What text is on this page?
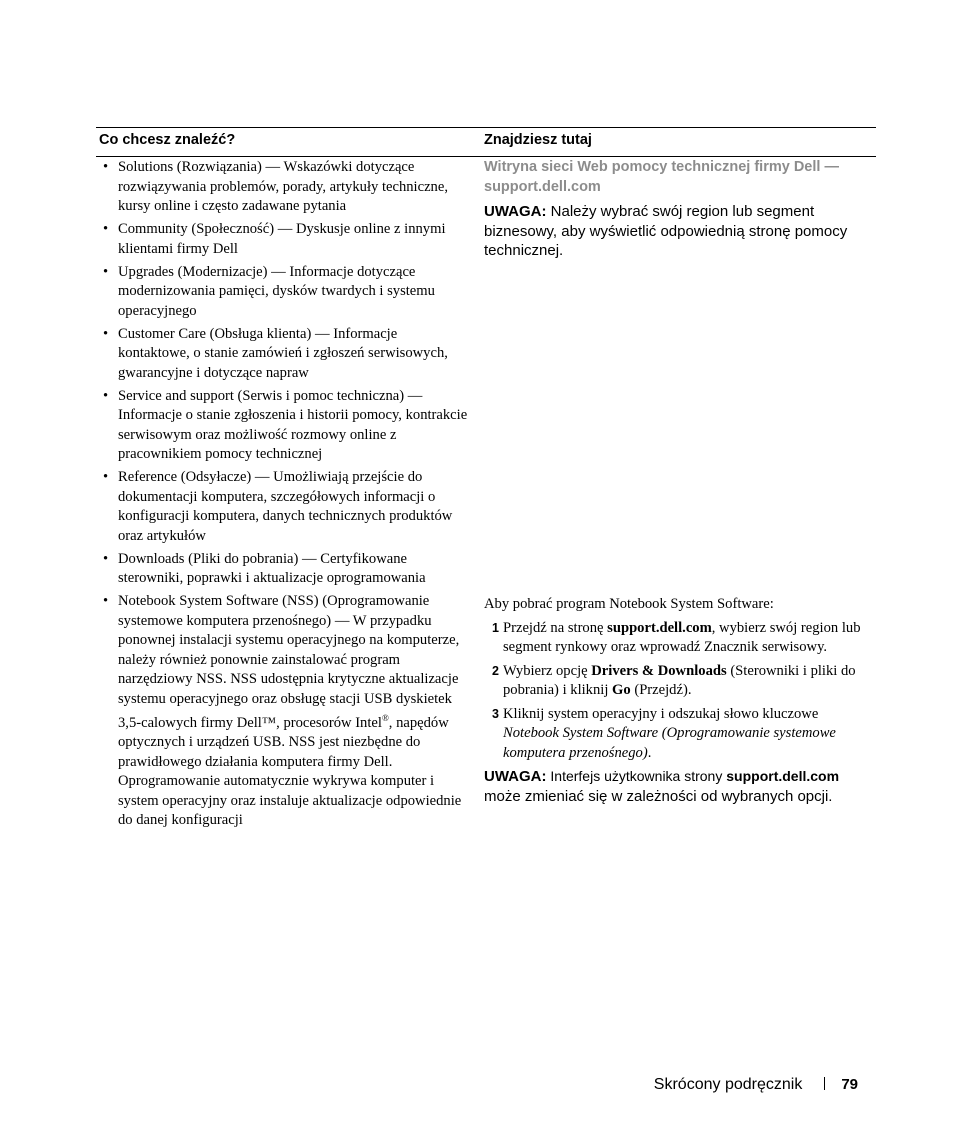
Co chcesz znaleźć?	Znajdziesz tutaj
• Solutions (Rozwiązania) — Wskazówki dotyczące rozwiązywania problemów, porady, artykuły techniczne, kursy online i często zadawane pytania
• Community (Społeczność) — Dyskusje online z innymi klientami firmy Dell
• Upgrades (Modernizacje) — Informacje dotyczące modernizowania pamięci, dysków twardych i systemu operacyjnego
• Customer Care (Obsługa klienta) — Informacje kontaktowe, o stanie zamówień i zgłoszeń serwisowych, gwarancyjne i dotyczące napraw
• Service and support (Serwis i pomoc techniczna) — Informacje o stanie zgłoszenia i historii pomocy, kontrakcie serwisowym oraz możliwość rozmowy online z pracownikiem pomocy technicznej
• Reference (Odsyłacze) — Umożliwiają przejście do dokumentacji komputera, szczegółowych informacji o konfiguracji komputera, danych technicznych produktów oraz artykułów
• Downloads (Pliki do pobrania) — Certyfikowane sterowniki, poprawki i aktualizacje oprogramowania
• Notebook System Software (NSS) (Oprogramowanie systemowe komputera przenośnego) — W przypadku ponownej instalacji systemu operacyjnego na komputerze, należy również ponownie zainstalować program narzędziowy NSS. NSS udostępnia krytyczne aktualizacje systemu operacyjnego oraz obsługę stacji USB dyskietek 3,5-calowych firmy Dell™, procesorów Intel®, napędów optycznych i urządzeń USB. NSS jest niezbędne do prawidłowego działania komputera firmy Dell. Oprogramowanie automatycznie wykrywa komputer i system operacyjny oraz instaluje aktualizacje odpowiednie do danej konfiguracji
Witryna sieci Web pomocy technicznej firmy Dell — support.dell.com
UWAGA: Należy wybrać swój region lub segment biznesowy, aby wyświetlić odpowiednią stronę pomocy technicznej.
Aby pobrać program Notebook System Software:
1 Przejdź na stronę support.dell.com, wybierz swój region lub segment rynkowy oraz wprowadź Znacznik serwisowy.
2 Wybierz opcję Drivers & Downloads (Sterowniki i pliki do pobrania) i kliknij Go (Przejdź).
3 Kliknij system operacyjny i odszukaj słowo kluczowe Notebook System Software (Oprogramowanie systemowe komputera przenośnego).
UWAGA: Interfejs użytkownika strony support.dell.com może zmieniać się w zależności od wybranych opcji.
Skrócony podręcznik	79
